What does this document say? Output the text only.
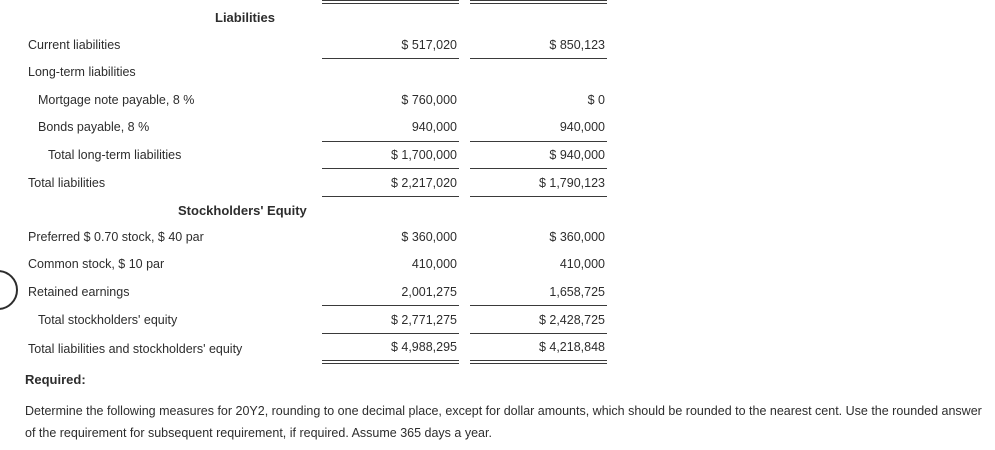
Liabilities
Current liabilities	$ 517,020	$ 850,123
Long-term liabilities
Mortgage note payable, 8 %	$ 760,000	$ 0
Bonds payable, 8 %	940,000	940,000
Total long-term liabilities	$ 1,700,000	$ 940,000
Total liabilities	$ 2,217,020	$ 1,790,123
Stockholders' Equity
Preferred $ 0.70 stock, $ 40 par	$ 360,000	$ 360,000
Common stock, $ 10 par	410,000	410,000
Retained earnings	2,001,275	1,658,725
Total stockholders' equity	$ 2,771,275	$ 2,428,725
Total liabilities and stockholders' equity	$ 4,988,295	$ 4,218,848
Required:
Determine the following measures for 20Y2, rounding to one decimal place, except for dollar amounts, which should be rounded to the nearest cent. Use the rounded answer of the requirement for subsequent requirement, if required. Assume 365 days a year.
